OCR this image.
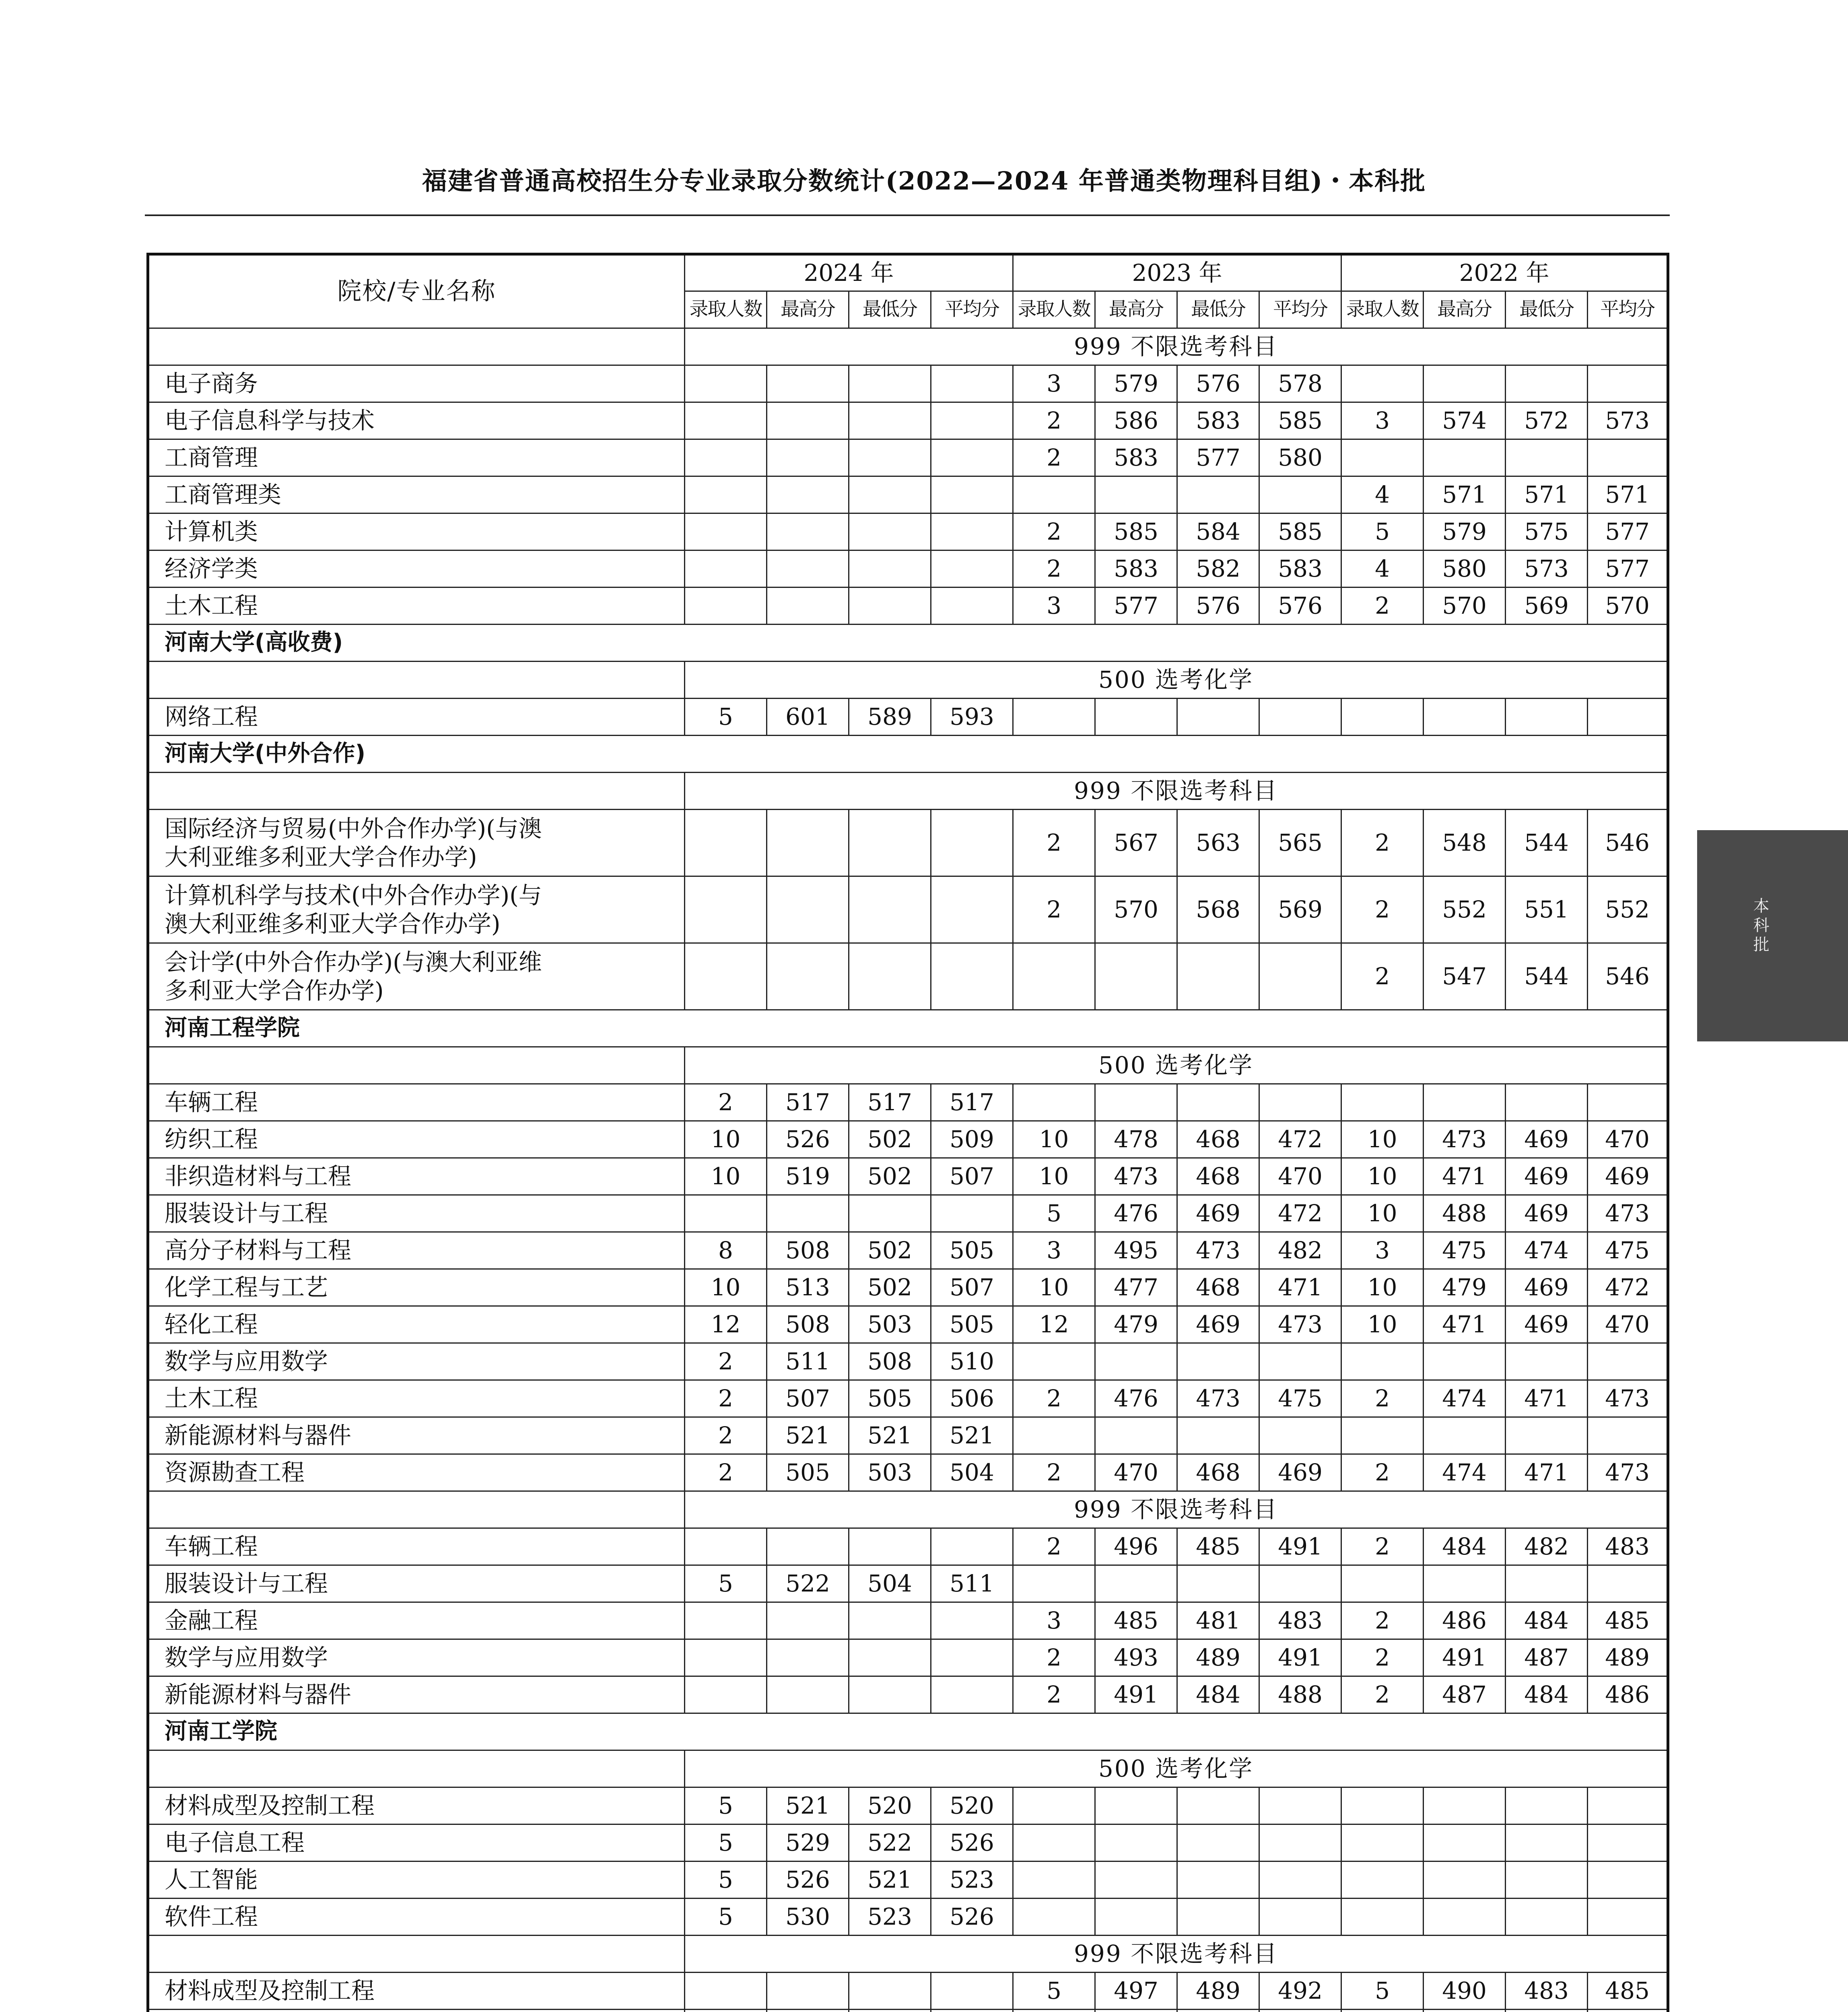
福建省普通高校招生分专业录取分数统计(2022—2024 年普通类物理科目组)・本科批
院校/专业名称	2024 年				2023 年				2022 年			
	录取人数	最高分	最低分	平均分	录取人数	最高分	最低分	平均分	录取人数	最高分	最低分	平均分
	999 不限选考科目											
电子商务					3	579	576	578				
电子信息科学与技术					2	586	583	585	3	574	572	573
工商管理					2	583	577	580				
工商管理类									4	571	571	571
计算机类					2	585	584	585	5	579	575	577
经济学类					2	583	582	583	4	580	573	577
土木工程					3	577	576	576	2	570	569	570
河南大学(高收费)												
	500 选考化学											
网络工程	5	601	589	593								
河南大学(中外合作)												
	999 不限选考科目											

国际经济与贸易(中外合作办学)(与澳
大利亚维多利亚大学合作办学)					2	567	563	565	2	548	544	546

计算机科学与技术(中外合作办学)(与
澳大利亚维多利亚大学合作办学)					2	570	568	569	2	552	551	552

会计学(中外合作办学)(与澳大利亚维
多利亚大学合作办学)									2	547	544	546
河南工程学院												
	500 选考化学											
车辆工程	2	517	517	517								
纺织工程	10	526	502	509	10	478	468	472	10	473	469	470
非织造材料与工程	10	519	502	507	10	473	468	470	10	471	469	469
服装设计与工程					5	476	469	472	10	488	469	473
高分子材料与工程	8	508	502	505	3	495	473	482	3	475	474	475
化学工程与工艺	10	513	502	507	10	477	468	471	10	479	469	472
轻化工程	12	508	503	505	12	479	469	473	10	471	469	470
数学与应用数学	2	511	508	510								
土木工程	2	507	505	506	2	476	473	475	2	474	471	473
新能源材料与器件	2	521	521	521								
资源勘查工程	2	505	503	504	2	470	468	469	2	474	471	473
	999 不限选考科目											
车辆工程					2	496	485	491	2	484	482	483
服装设计与工程	5	522	504	511								
金融工程					3	485	481	483	2	486	484	485
数学与应用数学					2	493	489	491	2	491	487	489
新能源材料与器件					2	491	484	488	2	487	484	486
河南工学院												
	500 选考化学											
材料成型及控制工程	5	521	520	520								
电子信息工程	5	529	522	526								
人工智能	5	526	521	523								
软件工程	5	530	523	526								
	999 不限选考科目											
材料成型及控制工程					5	497	489	492	5	490	483	485

本科批
